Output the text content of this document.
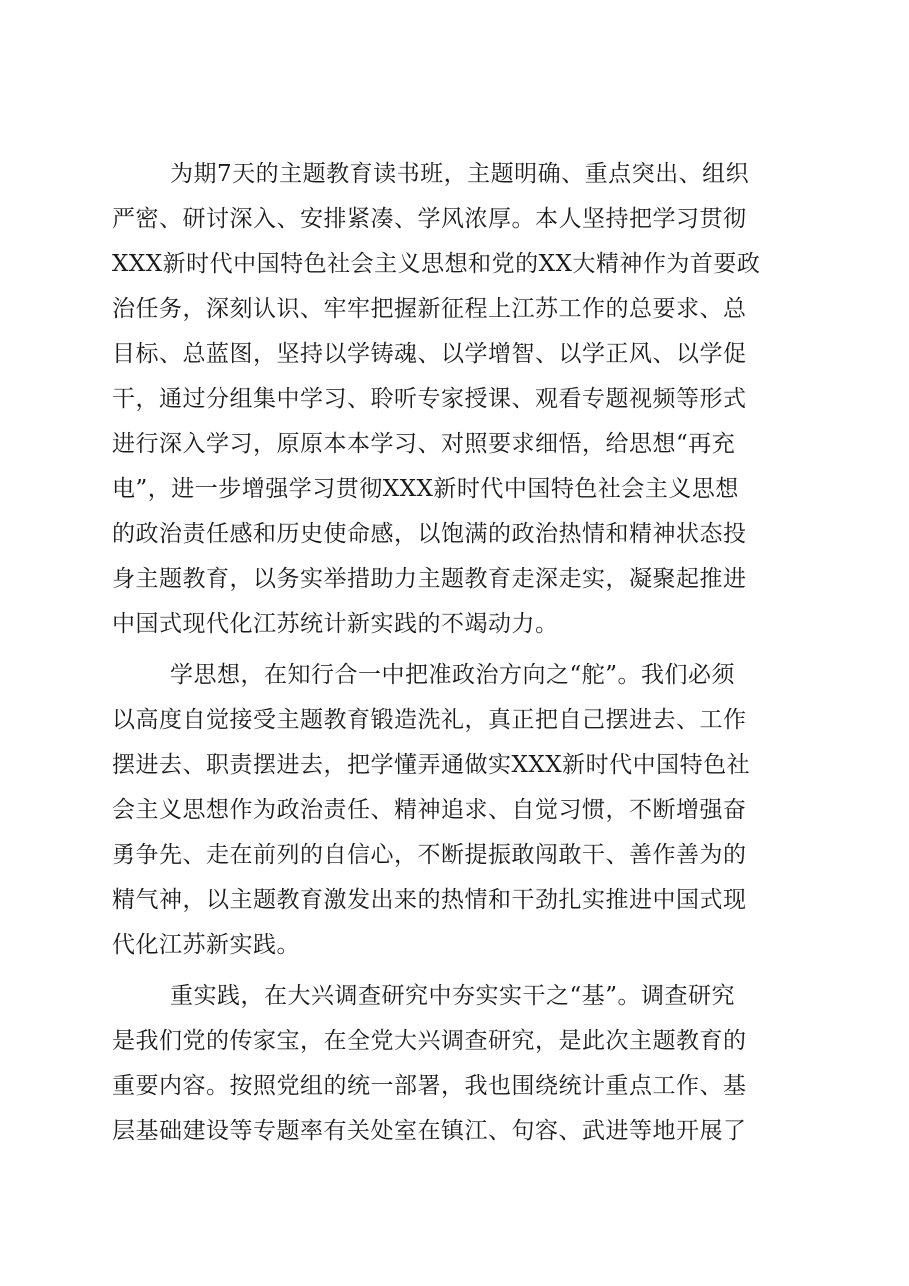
为期7天的主题教育读书班，主题明确、重点突出、组织
严密、研讨深入、安排紧凑、学风浓厚。本人坚持把学习贯彻
XXX新时代中国特色社会主义思想和党的XX大精神作为首要政
治任务，深刻认识、牢牢把握新征程上江苏工作的总要求、总
目标、总蓝图，坚持以学铸魂、以学增智、以学正风、以学促
干，通过分组集中学习、聆听专家授课、观看专题视频等形式
进行深入学习，原原本本学习、对照要求细悟，给思想“再充
电”，进一步增强学习贯彻XXX新时代中国特色社会主义思想
的政治责任感和历史使命感，以饱满的政治热情和精神状态投
身主题教育，以务实举措助力主题教育走深走实，凝聚起推进
中国式现代化江苏统计新实践的不竭动力。
学思想，在知行合一中把准政治方向之“舵”。我们必须
以高度自觉接受主题教育锻造洗礼，真正把自己摆进去、工作
摆进去、职责摆进去，把学懂弄通做实XXX新时代中国特色社
会主义思想作为政治责任、精神追求、自觉习惯，不断增强奋
勇争先、走在前列的自信心，不断提振敢闯敢干、善作善为的
精气神，以主题教育激发出来的热情和干劲扎实推进中国式现
代化江苏新实践。
重实践，在大兴调查研究中夯实实干之“基”。调查研究
是我们党的传家宝，在全党大兴调查研究，是此次主题教育的
重要内容。按照党组的统一部署，我也围绕统计重点工作、基
层基础建设等专题率有关处室在镇江、句容、武进等地开展了
